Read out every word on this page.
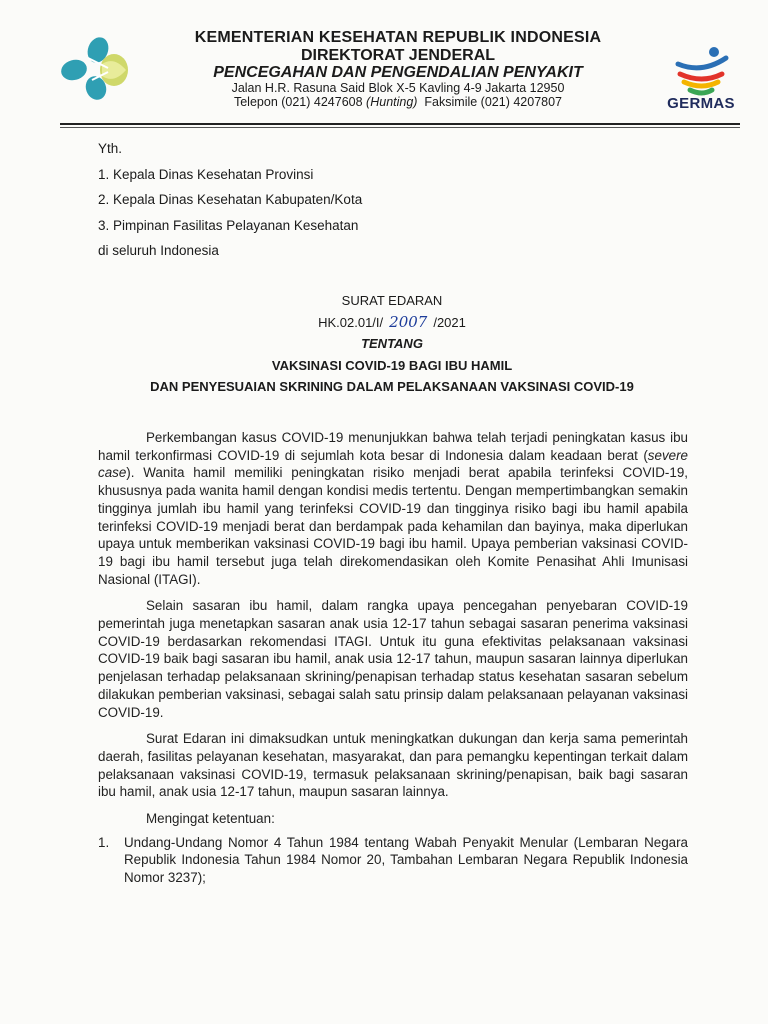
KEMENTERIAN KESEHATAN REPUBLIK INDONESIA
DIREKTORAT JENDERAL
PENCEGAHAN DAN PENGENDALIAN PENYAKIT
Jalan H.R. Rasuna Said Blok X-5 Kavling 4-9 Jakarta 12950
Telepon (021) 4247608 (Hunting) Faksimile (021) 4207807	GERMAS
Yth.
1. Kepala Dinas Kesehatan Provinsi
2. Kepala Dinas Kesehatan Kabupaten/Kota
3. Pimpinan Fasilitas Pelayanan Kesehatan
di seluruh Indonesia
SURAT EDARAN
HK.02.01/I/ 2007 /2021
TENTANG
VAKSINASI COVID-19 BAGI IBU HAMIL
DAN PENYESUAIAN SKRINING DALAM PELAKSANAAN VAKSINASI COVID-19

Perkembangan kasus COVID-19 menunjukkan bahwa telah terjadi peningkatan kasus ibu hamil terkonfirmasi COVID-19 di sejumlah kota besar di Indonesia dalam keadaan berat (severe case). Wanita hamil memiliki peningkatan risiko menjadi berat apabila terinfeksi COVID-19, khususnya pada wanita hamil dengan kondisi medis tertentu. Dengan mempertimbangkan semakin tingginya jumlah ibu hamil yang terinfeksi COVID-19 dan tingginya risiko bagi ibu hamil apabila terinfeksi COVID-19 menjadi berat dan berdampak pada kehamilan dan bayinya, maka diperlukan upaya untuk memberikan vaksinasi COVID-19 bagi ibu hamil. Upaya pemberian vaksinasi COVID-19 bagi ibu hamil tersebut juga telah direkomendasikan oleh Komite Penasihat Ahli Imunisasi Nasional (ITAGI).

Selain sasaran ibu hamil, dalam rangka upaya pencegahan penyebaran COVID-19 pemerintah juga menetapkan sasaran anak usia 12-17 tahun sebagai sasaran penerima vaksinasi COVID-19 berdasarkan rekomendasi ITAGI. Untuk itu guna efektivitas pelaksanaan vaksinasi COVID-19 baik bagi sasaran ibu hamil, anak usia 12-17 tahun, maupun sasaran lainnya diperlukan penjelasan terhadap pelaksanaan skrining/penapisan terhadap status kesehatan sasaran sebelum dilakukan pemberian vaksinasi, sebagai salah satu prinsip dalam pelaksanaan pelayanan vaksinasi COVID-19.

Surat Edaran ini dimaksudkan untuk meningkatkan dukungan dan kerja sama pemerintah daerah, fasilitas pelayanan kesehatan, masyarakat, dan para pemangku kepentingan terkait dalam pelaksanaan vaksinasi COVID-19, termasuk pelaksanaan skrining/penapisan, baik bagi sasaran ibu hamil, anak usia 12-17 tahun, maupun sasaran lainnya.

Mengingat ketentuan:
1. Undang-Undang Nomor 4 Tahun 1984 tentang Wabah Penyakit Menular (Lembaran Negara Republik Indonesia Tahun 1984 Nomor 20, Tambahan Lembaran Negara Republik Indonesia Nomor 3237);
